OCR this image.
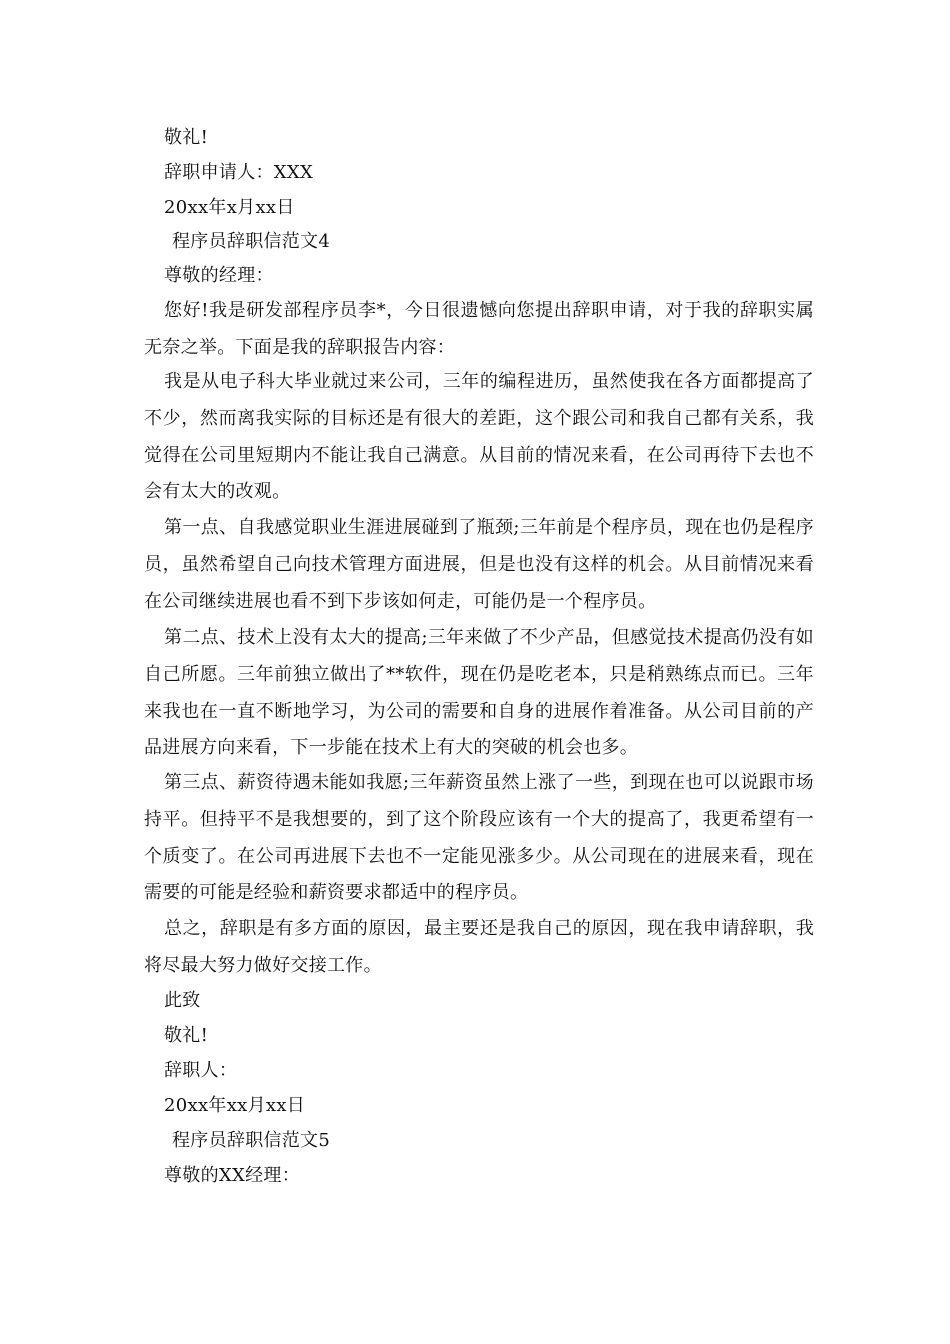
敬礼!
辞职申请人：XXX
20xx年x月xx日
程序员辞职信范文4
尊敬的经理：
您好!我是研发部程序员李*，今日很遗憾向您提出辞职申请，对于我的辞职实属无奈之举。下面是我的辞职报告内容：
我是从电子科大毕业就过来公司，三年的编程进历，虽然使我在各方面都提高了不少，然而离我实际的目标还是有很大的差距，这个跟公司和我自己都有关系，我觉得在公司里短期内不能让我自己满意。从目前的情况来看，在公司再待下去也不会有太大的改观。
第一点、自我感觉职业生涯进展碰到了瓶颈;三年前是个程序员，现在也仍是程序员，虽然希望自己向技术管理方面进展，但是也没有这样的机会。从目前情况来看在公司继续进展也看不到下步该如何走，可能仍是一个程序员。
第二点、技术上没有太大的提高;三年来做了不少产品，但感觉技术提高仍没有如自己所愿。三年前独立做出了**软件，现在仍是吃老本，只是稍熟练点而已。三年来我也在一直不断地学习，为公司的需要和自身的进展作着准备。从公司目前的产品进展方向来看，下一步能在技术上有大的突破的机会也多。
第三点、薪资待遇未能如我愿;三年薪资虽然上涨了一些，到现在也可以说跟市场持平。但持平不是我想要的，到了这个阶段应该有一个大的提高了，我更希望有一个质变了。在公司再进展下去也不一定能见涨多少。从公司现在的进展来看，现在需要的可能是经验和薪资要求都适中的程序员。
总之，辞职是有多方面的原因，最主要还是我自己的原因，现在我申请辞职，我将尽最大努力做好交接工作。
此致
敬礼!
辞职人：
20xx年xx月xx日
程序员辞职信范文5
尊敬的XX经理：
